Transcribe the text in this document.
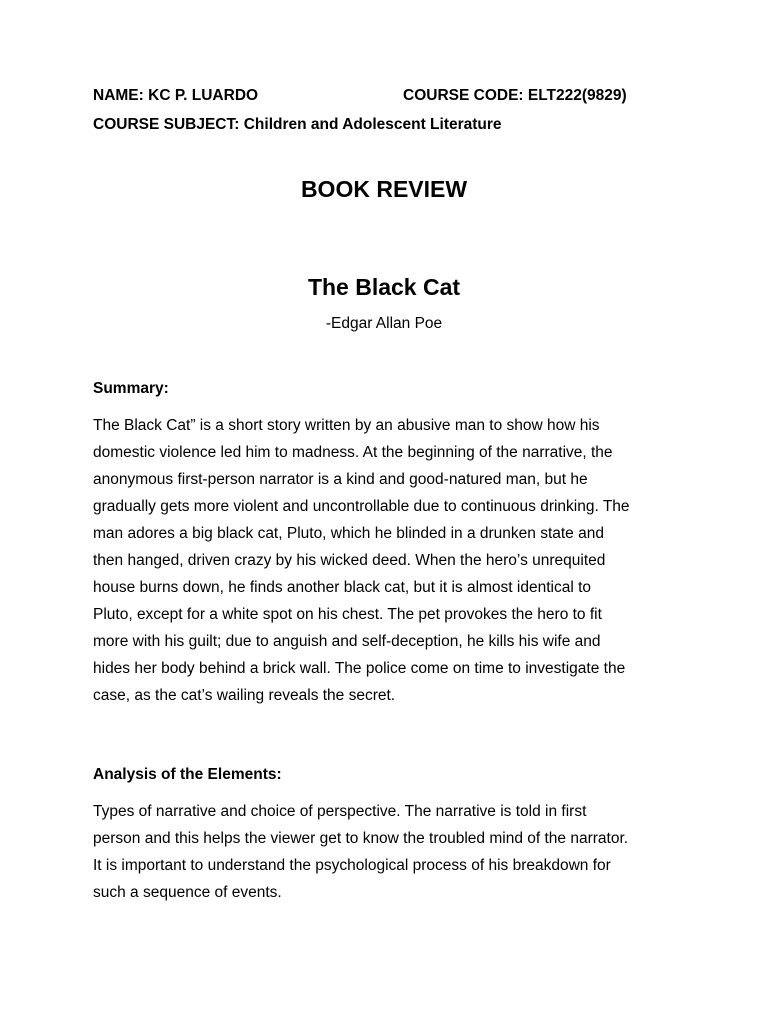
NAME: KC P. LUARDO	COURSE CODE: ELT222(9829)
COURSE SUBJECT: Children and Adolescent Literature
BOOK REVIEW
The Black Cat
-Edgar Allan Poe
Summary:
The Black Cat” is a short story written by an abusive man to show how his
domestic violence led him to madness. At the beginning of the narrative, the
anonymous first-person narrator is a kind and good-natured man, but he
gradually gets more violent and uncontrollable due to continuous drinking. The
man adores a big black cat, Pluto, which he blinded in a drunken state and
then hanged, driven crazy by his wicked deed. When the hero’s unrequited
house burns down, he finds another black cat, but it is almost identical to
Pluto, except for a white spot on his chest. The pet provokes the hero to fit
more with his guilt; due to anguish and self-deception, he kills his wife and
hides her body behind a brick wall. The police come on time to investigate the
case, as the cat’s wailing reveals the secret.
Analysis of the Elements:
Types of narrative and choice of perspective. The narrative is told in first
person and this helps the viewer get to know the troubled mind of the narrator.
It is important to understand the psychological process of his breakdown for
such a sequence of events.
